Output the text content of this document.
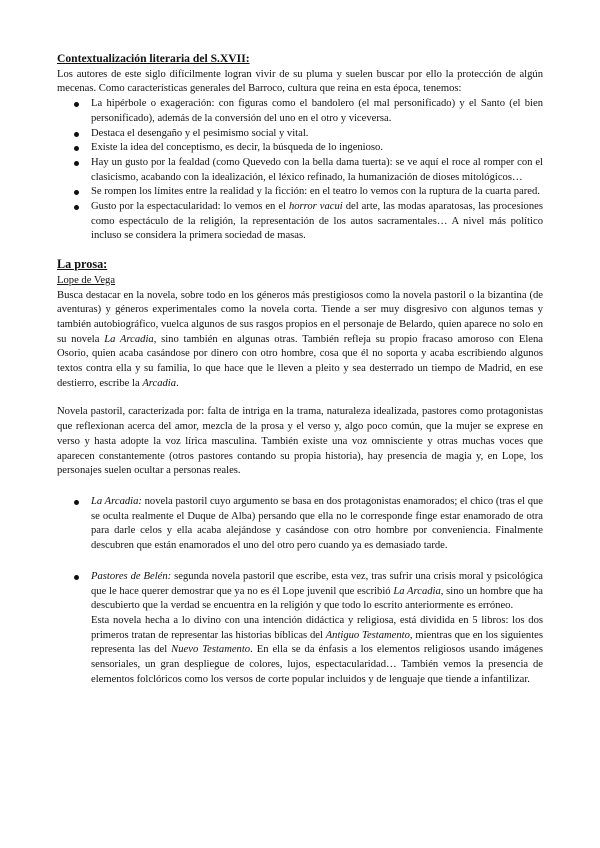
Contextualización literaria del S.XVII:

Los autores de este siglo difícilmente logran vivir de su pluma y suelen buscar por ello la protección de algún mecenas. Como características generales del Barroco, cultura que reina en esta época, tenemos:

La hipérbole o exageración: con figuras como el bandolero (el mal personificado) y el Santo (el bien personificado), además de la conversión del uno en el otro y viceversa.
Destaca el desengaño y el pesimismo social y vital.
Existe la idea del conceptismo, es decir, la búsqueda de lo ingenioso.
Hay un gusto por la fealdad (como Quevedo con la bella dama tuerta): se ve aquí el roce al romper con el clasicismo, acabando con la idealización, el léxico refinado, la humanización de dioses mitológicos…
Se rompen los límites entre la realidad y la ficción: en el teatro lo vemos con la ruptura de la cuarta pared.
Gusto por la espectacularidad: lo vemos en el horror vacui del arte, las modas aparatosas, las procesiones como espectáculo de la religión, la representación de los autos sacramentales… A nivel más político incluso se considera la primera sociedad de masas.

La prosa:

Lope de Vega

Busca destacar en la novela, sobre todo en los géneros más prestigiosos como la novela pastoril o la bizantina (de aventuras) y géneros experimentales como la novela corta. Tiende a ser muy disgresivo con algunos temas y también autobiográfico, vuelca algunos de sus rasgos propios en el personaje de Belardo, quien aparece no solo en su novela La Arcadia, sino también en algunas otras. También refleja su propio fracaso amoroso con Elena Osorio, quien acaba casándose por dinero con otro hombre, cosa que él no soporta y acaba escribiendo algunos textos contra ella y su familia, lo que hace que le lleven a pleito y sea desterrado un tiempo de Madrid, en ese destierro, escribe la Arcadia.

Novela pastoril, caracterizada por: falta de intriga en la trama, naturaleza idealizada, pastores como protagonistas que reflexionan acerca del amor, mezcla de la prosa y el verso y, algo poco común, que la mujer se exprese en verso y hasta adopte la voz lírica masculina. También existe una voz omnisciente y otras muchas voces que aparecen constantemente (otros pastores contando su propia historia), hay presencia de magia y, en Lope, los personajes suelen ocultar a personas reales.

La Arcadia: novela pastoril cuyo argumento se basa en dos protagonistas enamorados; el chico (tras el que se oculta realmente el Duque de Alba) persando que ella no le corresponde finge estar enamorado de otra para darle celos y ella acaba alejándose y casándose con otro hombre por conveniencia. Finalmente descubren que están enamorados el uno del otro pero cuando ya es demasiado tarde.
Pastores de Belén: segunda novela pastoril que escribe, esta vez, tras sufrir una crisis moral y psicológica que le hace querer demostrar que ya no es él Lope juvenil que escribió La Arcadia, sino un hombre que ha descubierto que la verdad se encuentra en la religión y que todo lo escrito anteriormente es erróneo.
Esta novela hecha a lo divino con una intención didáctica y religiosa, está dividida en 5 libros: los dos primeros tratan de representar las historias bíblicas del Antiguo Testamento, mientras que en los siguientes representa las del Nuevo Testamento. En ella se da énfasis a los elementos religiosos usando imágenes sensoriales, un gran despliegue de colores, lujos, espectacularidad… También vemos la presencia de elementos folclóricos como los versos de corte popular incluidos y de lenguaje que tiende a infantilizar.
